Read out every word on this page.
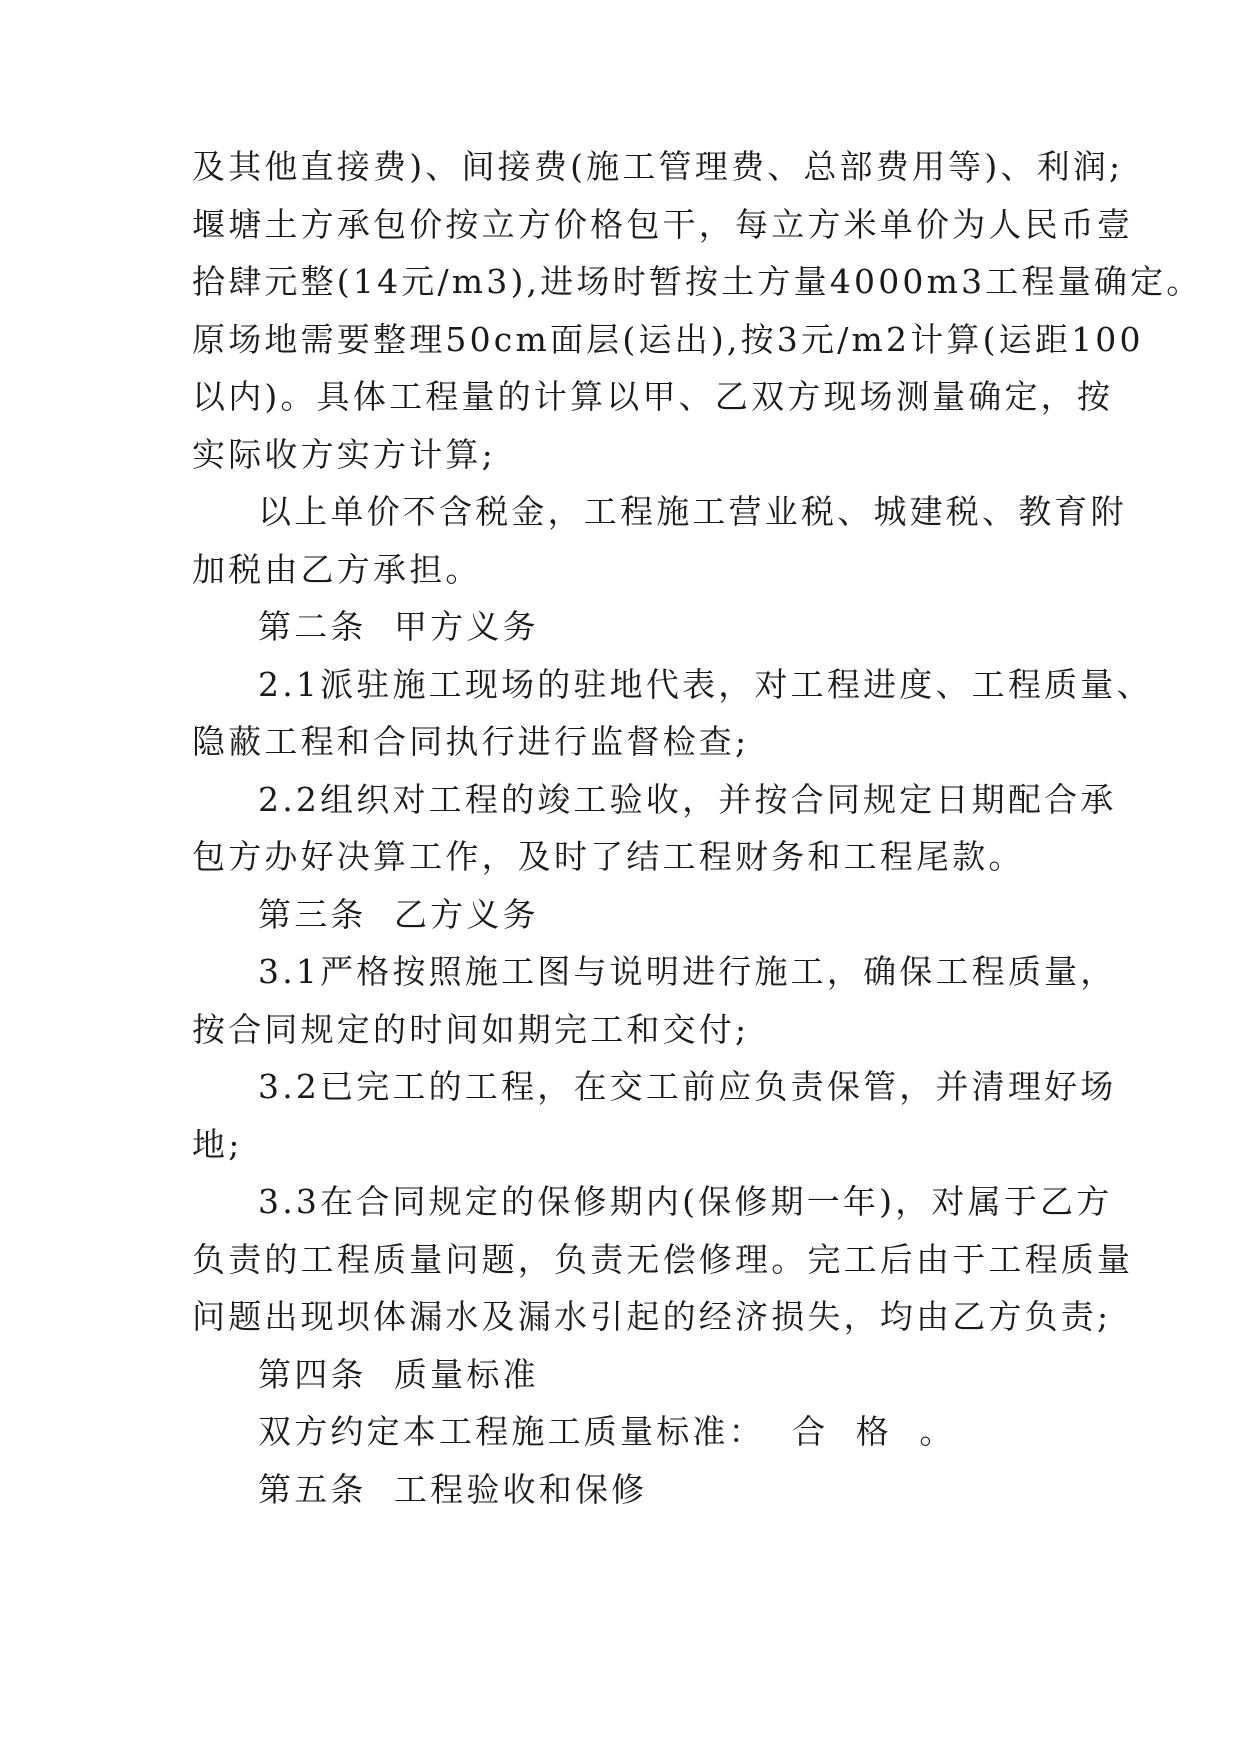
及其他直接费)、间接费(施工管理费、总部费用等)、利润;
堰塘土方承包价按立方价格包干，每立方米单价为人民币壹
拾肆元整(14元/m3),进场时暂按土方量4000m3工程量确定。
原场地需要整理50cm面层(运出),按3元/m2计算(运距100
以内)。具体工程量的计算以甲、乙双方现场测量确定，按
实际收方实方计算;
以上单价不含税金，工程施工营业税、城建税、教育附
加税由乙方承担。
第二条  甲方义务
2.1派驻施工现场的驻地代表，对工程进度、工程质量、
隐蔽工程和合同执行进行监督检查;
2.2组织对工程的竣工验收，并按合同规定日期配合承
包方办好决算工作，及时了结工程财务和工程尾款。
第三条  乙方义务
3.1严格按照施工图与说明进行施工，确保工程质量，
按合同规定的时间如期完工和交付;
3.2已完工的工程，在交工前应负责保管，并清理好场
地;
3.3在合同规定的保修期内(保修期一年)，对属于乙方
负责的工程质量问题，负责无偿修理。完工后由于工程质量
问题出现坝体漏水及漏水引起的经济损失，均由乙方负责;
第四条  质量标准
双方约定本工程施工质量标准：  合  格  。
第五条  工程验收和保修
